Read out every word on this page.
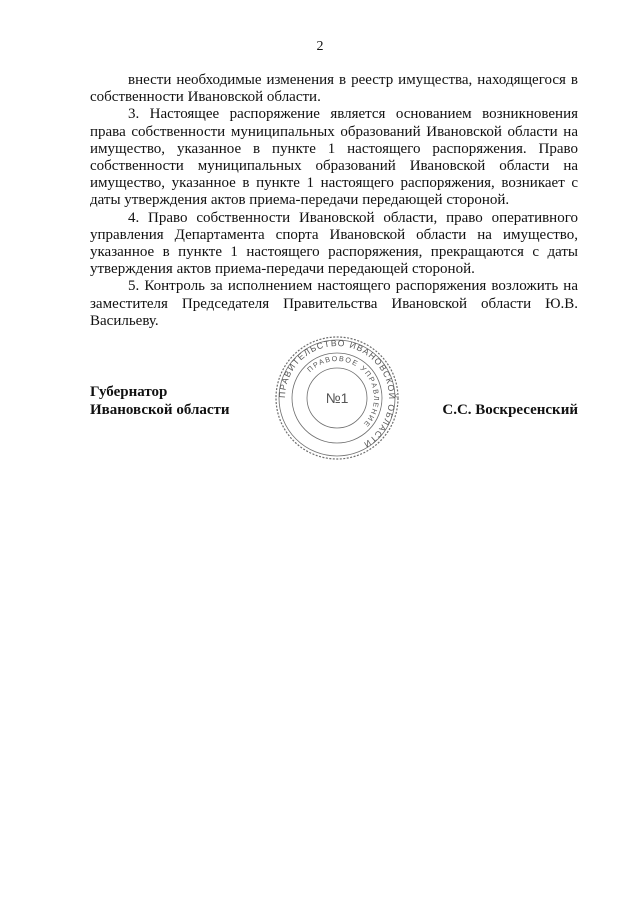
2

внести необходимые изменения в реестр имущества, находящегося в собственности Ивановской области.

3. Настоящее распоряжение является основанием возникновения права собственности муниципальных образований Ивановской области на имущество, указанное в пункте 1 настоящего распоряжения. Право собственности муниципальных образований Ивановской области на имущество, указанное в пункте 1 настоящего распоряжения, возникает с даты утверждения актов приема-передачи передающей стороной.

4. Право собственности Ивановской области, право оперативного управления Департамента спорта Ивановской области на имущество, указанное в пункте 1 настоящего распоряжения, прекращаются с даты утверждения актов приема-передачи передающей стороной.

5. Контроль за исполнением настоящего распоряжения возложить на заместителя Председателя Правительства Ивановской области Ю.В. Васильеву.

Губернатор
Ивановской области	С.С. Воскресенский
ПРАВИТЕЛЬСТВО ИВАНОВСКОЙ ОБЛАСТИ
ПРАВОВОЕ УПРАВЛЕНИЕ
№1
